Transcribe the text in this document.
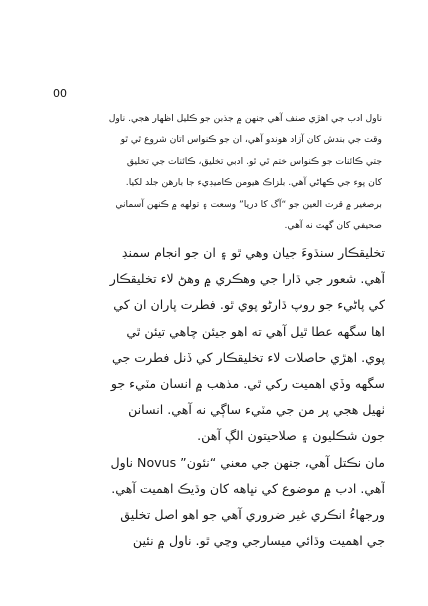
00
ناول ادب جي اهڙي صنف آهي جنهن ۾ جذبن جو ڪليل اظهار هجي. ناول
وقت جي بندش کان آزاد هوندو آهي، ان جو ڪنواس اتان شروع ٿي ٿو
جتي ڪائنات جو ڪنواس ختم ٿي ٿو. ادبي تخليق، ڪائنات جي تخليق
کان پوء جي ڪهاڻي آهي. بلزاڪ هيومن ڪاميڊيء جا بارهن جلد لکيا.
برصغير ۾ قرت العين جو “آگ کا دريا” وسعت ۽ تولهه ۾ ڪنهن آسماني
صحيفي کان گهٽ نه آهي.
تخليقڪار سنڌوءَ جيان وهي ٿو ۽ ان جو انجام سمنڊ
آهي. شعور جي ڌارا جي وهڪري ۾ وهڻ لاء تخليقڪار
کي پاڻيء جو روپ ڌارڻو پوي ٿو. فطرت پاران ان کي
اها سگهه عطا ٿيل آهي ته اهو جيئن چاهي تيئن ٿي
پوي. اهڙي حاصلات لاء تخليقڪار کي ڏنل فطرت جي
سگهه وڏي اهميت رکي ٿي. مذهب ۾ انسان مٽيء جو
ٺهيل هجي پر من جي مٽيء ساڳي نه آهي. انسانن
جون شڪليون ۽ صلاحيتون الڳ آهن.
مان نڪتل آهي، جنهن جي معني “نئون” Novus ناول
آهي. ادب ۾ موضوع کي نڀاهه کان وڌيڪ اهميت آهي.
ورجهاءُ انڪري غير ضروري آهي جو اهو اصل تخليق
جي اهميت وڌائي ميسارجي وڃي ٿو. ناول ۾ نئين
